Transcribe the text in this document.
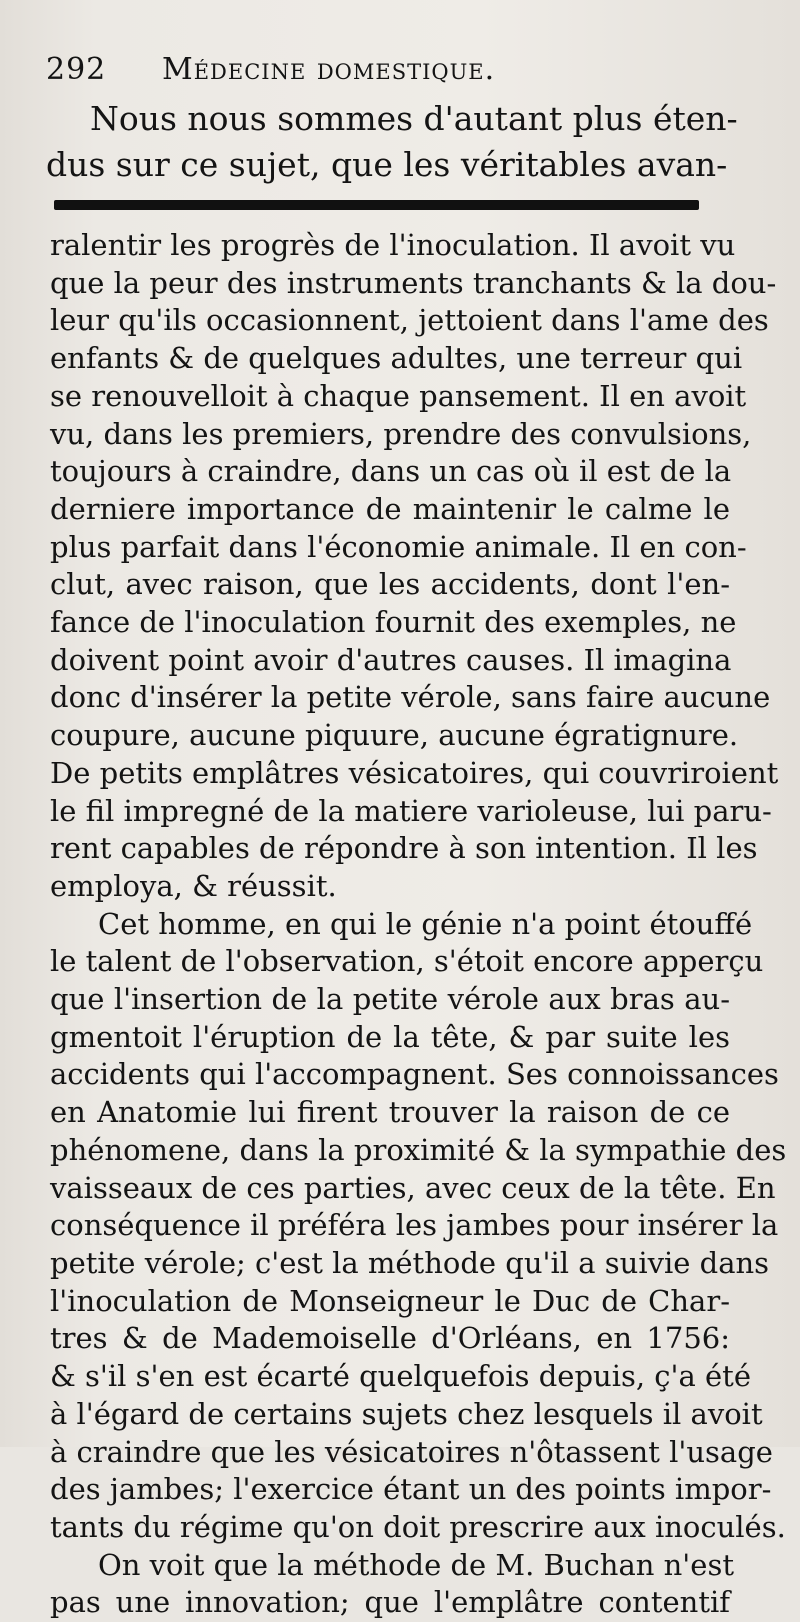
292 Médecine domestique.
Nous nous sommes d'autant plus éten-
dus sur ce sujet, que les véritables avan-
ralentir les progrès de l'inoculation. Il avoit vu
que la peur des instruments tranchants & la dou-
leur qu'ils occasionnent, jettoient dans l'ame des
enfants & de quelques adultes, une terreur qui
se renouvelloit à chaque pansement. Il en avoit
vu, dans les premiers, prendre des convulsions,
toujours à craindre, dans un cas où il est de la
derniere importance de maintenir le calme le
plus parfait dans l'économie animale. Il en con-
clut, avec raison, que les accidents, dont l'en-
fance de l'inoculation fournit des exemples, ne
doivent point avoir d'autres causes. Il imagina
donc d'insérer la petite vérole, sans faire aucune
coupure, aucune piquure, aucune égratignure.
De petits emplâtres vésicatoires, qui couvriroient
le fil impregné de la matiere varioleuse, lui paru-
rent capables de répondre à son intention. Il les
employa, & réussit.
Cet homme, en qui le génie n'a point étouffé
le talent de l'observation, s'étoit encore apperçu
que l'insertion de la petite vérole aux bras au-
gmentoit l'éruption de la tête, & par suite les
accidents qui l'accompagnent. Ses connoissances
en Anatomie lui firent trouver la raison de ce
phénomene, dans la proximité & la sympathie des
vaisseaux de ces parties, avec ceux de la tête. En
conséquence il préféra les jambes pour insérer la
petite vérole; c'est la méthode qu'il a suivie dans
l'inoculation de Monseigneur le Duc de Char-
tres & de Mademoiselle d'Orléans, en 1756:
& s'il s'en est écarté quelquefois depuis, ç'a été
à l'égard de certains sujets chez lesquels il avoit
à craindre que les vésicatoires n'ôtassent l'usage
des jambes; l'exercice étant un des points impor-
tants du régime qu'on doit prescrire aux inoculés.
On voit que la méthode de M. Buchan n'est
pas une innovation; que l'emplâtre contentif
